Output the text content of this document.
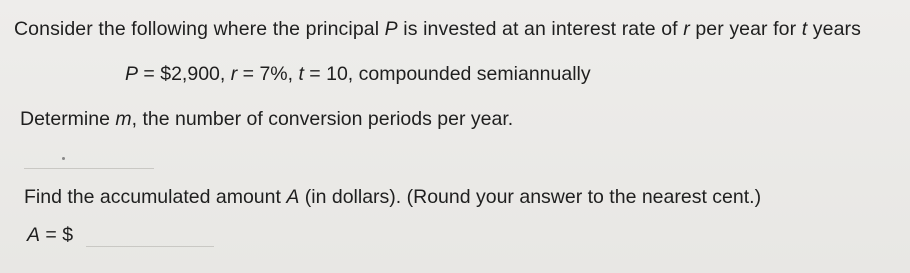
Consider the following where the principal P is invested at an interest rate of r per year for t years
P = $2,900, r = 7%, t = 10, compounded semiannually
Determine m, the number of conversion periods per year.
Find the accumulated amount A (in dollars). (Round your answer to the nearest cent.)
A = $
